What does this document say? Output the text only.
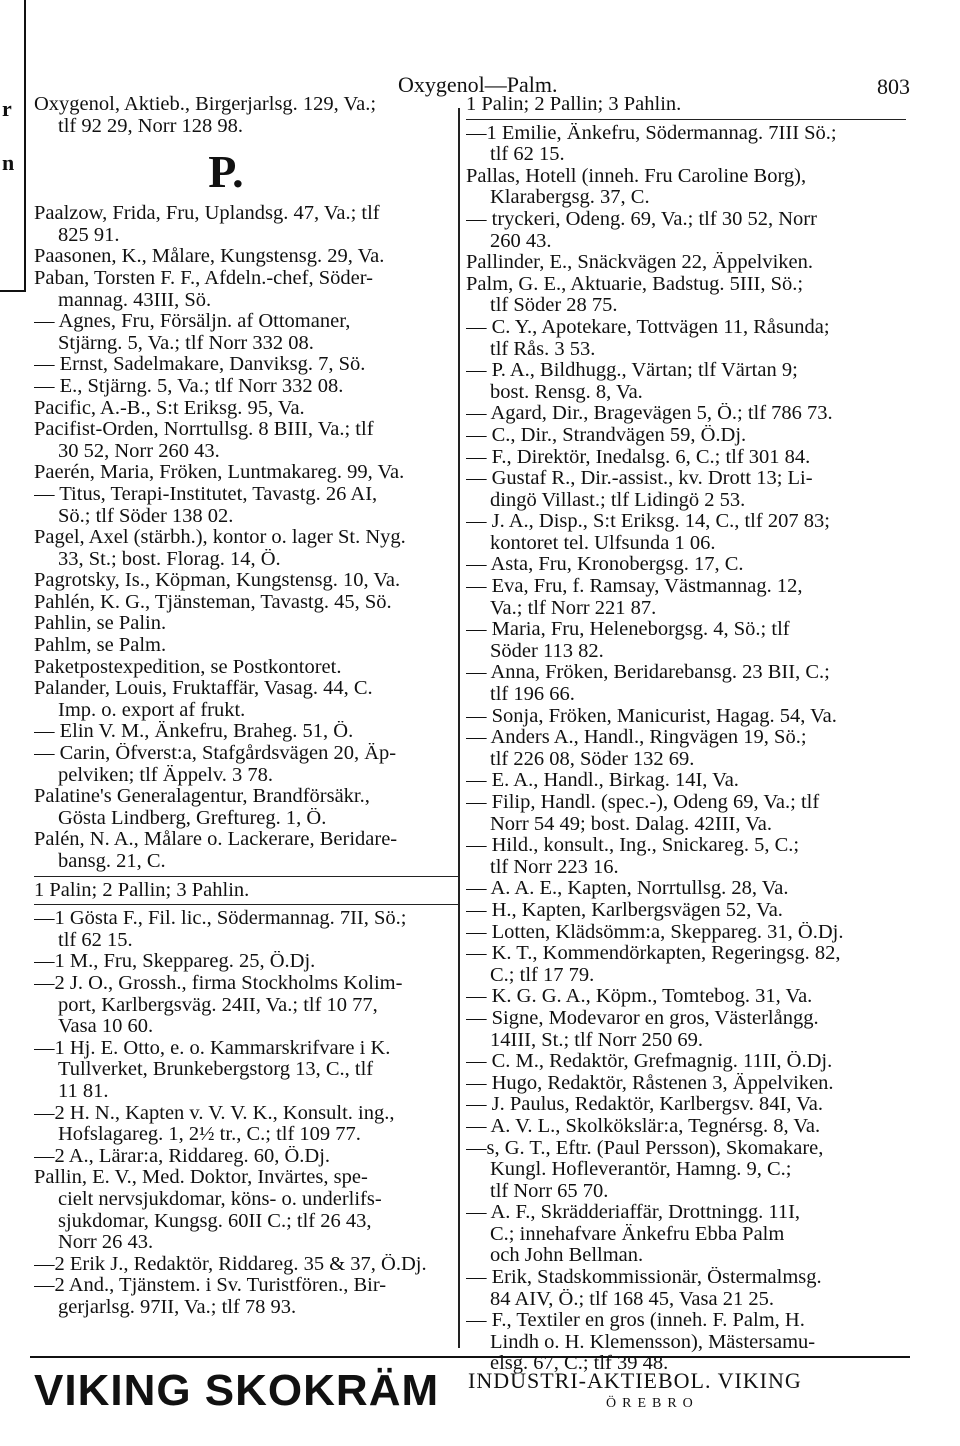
r
n
Oxygenol—Palm.	803
Oxygenol, Aktieb., Birgerjarlsg. 129, Va.;
tlf 92 29, Norr 128 98.
P.
Paalzow, Frida, Fru, Uplandsg. 47, Va.; tlf
825 91.
Paasonen, K., Målare, Kungstensg. 29, Va.
Paban, Torsten F. F., Afdeln.-chef, Söder-
mannag. 43III, Sö.
— Agnes, Fru, Försäljn. af Ottomaner,
Stjärng. 5, Va.; tlf Norr 332 08.
— Ernst, Sadelmakare, Danviksg. 7, Sö.
— E., Stjärng. 5, Va.; tlf Norr 332 08.
Pacific, A.-B., S:t Eriksg. 95, Va.
Pacifist-Orden, Norrtullsg. 8 BIII, Va.; tlf
30 52, Norr 260 43.
Paerén, Maria, Fröken, Luntmakareg. 99, Va.
— Titus, Terapi-Institutet, Tavastg. 26 AI,
Sö.; tlf Söder 138 02.
Pagel, Axel (stärbh.), kontor o. lager St. Nyg.
33, St.; bost. Florag. 14, Ö.
Pagrotsky, Is., Köpman, Kungstensg. 10, Va.
Pahlén, K. G., Tjänsteman, Tavastg. 45, Sö.
Pahlin, se Palin.
Pahlm, se Palm.
Paketpostexpedition, se Postkontoret.
Palander, Louis, Fruktaffär, Vasag. 44, C.
Imp. o. export af frukt.
— Elin V. M., Änkefru, Braheg. 51, Ö.
— Carin, Öfverst:a, Stafgårdsvägen 20, Äp-
pelviken; tlf Äppelv. 3 78.
Palatine's Generalagentur, Brandförsäkr.,
Gösta Lindberg, Greftureg. 1, Ö.
Palén, N. A., Målare o. Lackerare, Beridare-
bansg. 21, C.
1 Palin; 2 Pallin; 3 Pahlin.
—1 Gösta F., Fil. lic., Södermannag. 7II, Sö.;
tlf 62 15.
—1 M., Fru, Skeppareg. 25, Ö.Dj.
—2 J. O., Grossh., firma Stockholms Kolim-
port, Karlbergsväg. 24II, Va.; tlf 10 77,
Vasa 10 60.
—1 Hj. E. Otto, e. o. Kammarskrifvare i K.
Tullverket, Brunkebergstorg 13, C., tlf
11 81.
—2 H. N., Kapten v. V. V. K., Konsult. ing.,
Hofslagareg. 1, 2½ tr., C.; tlf 109 77.
—2 A., Lärar:a, Riddareg. 60, Ö.Dj.
Pallin, E. V., Med. Doktor, Invärtes, spe-
cielt nervsjukdomar, köns- o. underlifs-
sjukdomar, Kungsg. 60II C.; tlf 26 43,
Norr 26 43.
—2 Erik J., Redaktör, Riddareg. 35 & 37, Ö.Dj.
—2 And., Tjänstem. i Sv. Turistfören., Bir-
gerjarlsg. 97II, Va.; tlf 78 93.
1 Palin; 2 Pallin; 3 Pahlin.
—1 Emilie, Änkefru, Södermannag. 7III Sö.;
tlf 62 15.
Pallas, Hotell (inneh. Fru Caroline Borg),
Klarabergsg. 37, C.
— tryckeri, Odeng. 69, Va.; tlf 30 52, Norr
260 43.
Pallinder, E., Snäckvägen 22, Äppelviken.
Palm, G. E., Aktuarie, Badstug. 5III, Sö.;
tlf Söder 28 75.
— C. Y., Apotekare, Tottvägen 11, Råsunda;
tlf Rås. 3 53.
— P. A., Bildhugg., Värtan; tlf Värtan 9;
bost. Rensg. 8, Va.
— Agard, Dir., Bragevägen 5, Ö.; tlf 786 73.
— C., Dir., Strandvägen 59, Ö.Dj.
— F., Direktör, Inedalsg. 6, C.; tlf 301 84.
— Gustaf R., Dir.-assist., kv. Drott 13; Li-
dingö Villast.; tlf Lidingö 2 53.
— J. A., Disp., S:t Eriksg. 14, C., tlf 207 83;
kontoret tel. Ulfsunda 1 06.
— Asta, Fru, Kronobergsg. 17, C.
— Eva, Fru, f. Ramsay, Västmannag. 12,
Va.; tlf Norr 221 87.
— Maria, Fru, Heleneborgsg. 4, Sö.; tlf
Söder 113 82.
— Anna, Fröken, Beridarebansg. 23 BII, C.;
tlf 196 66.
— Sonja, Fröken, Manicurist, Hagag. 54, Va.
— Anders A., Handl., Ringvägen 19, Sö.;
tlf 226 08, Söder 132 69.
— E. A., Handl., Birkag. 14I, Va.
— Filip, Handl. (spec.-), Odeng 69, Va.; tlf
Norr 54 49; bost. Dalag. 42III, Va.
— Hild., konsult., Ing., Snickareg. 5, C.;
tlf Norr 223 16.
— A. A. E., Kapten, Norrtullsg. 28, Va.
— H., Kapten, Karlbergsvägen 52, Va.
— Lotten, Klädsömm:a, Skeppareg. 31, Ö.Dj.
— K. T., Kommendörkapten, Regeringsg. 82,
C.; tlf 17 79.
— K. G. G. A., Köpm., Tomtebog. 31, Va.
— Signe, Modevaror en gros, Västerlångg.
14III, St.; tlf Norr 250 69.
— C. M., Redaktör, Grefmagnig. 11II, Ö.Dj.
— Hugo, Redaktör, Råstenen 3, Äppelviken.
— J. Paulus, Redaktör, Karlbergsv. 84I, Va.
— A. V. L., Skolkökslär:a, Tegnérsg. 8, Va.
—s, G. T., Eftr. (Paul Persson), Skomakare,
Kungl. Hofleverantör, Hamng. 9, C.;
tlf Norr 65 70.
— A. F., Skrädderiaffär, Drottningg. 11I,
C.; innehafvare Änkefru Ebba Palm
och John Bellman.
— Erik, Stadskommissionär, Östermalmsg.
84 AIV, Ö.; tlf 168 45, Vasa 21 25.
— F., Textiler en gros (inneh. F. Palm, H.
Lindh o. H. Klemensson), Mästersamu-
elsg. 67, C.; tlf 39 48.
VIKING SKOKRÄM INDUSTRI-AKTIEBOL. VIKING
ÖREBRO
